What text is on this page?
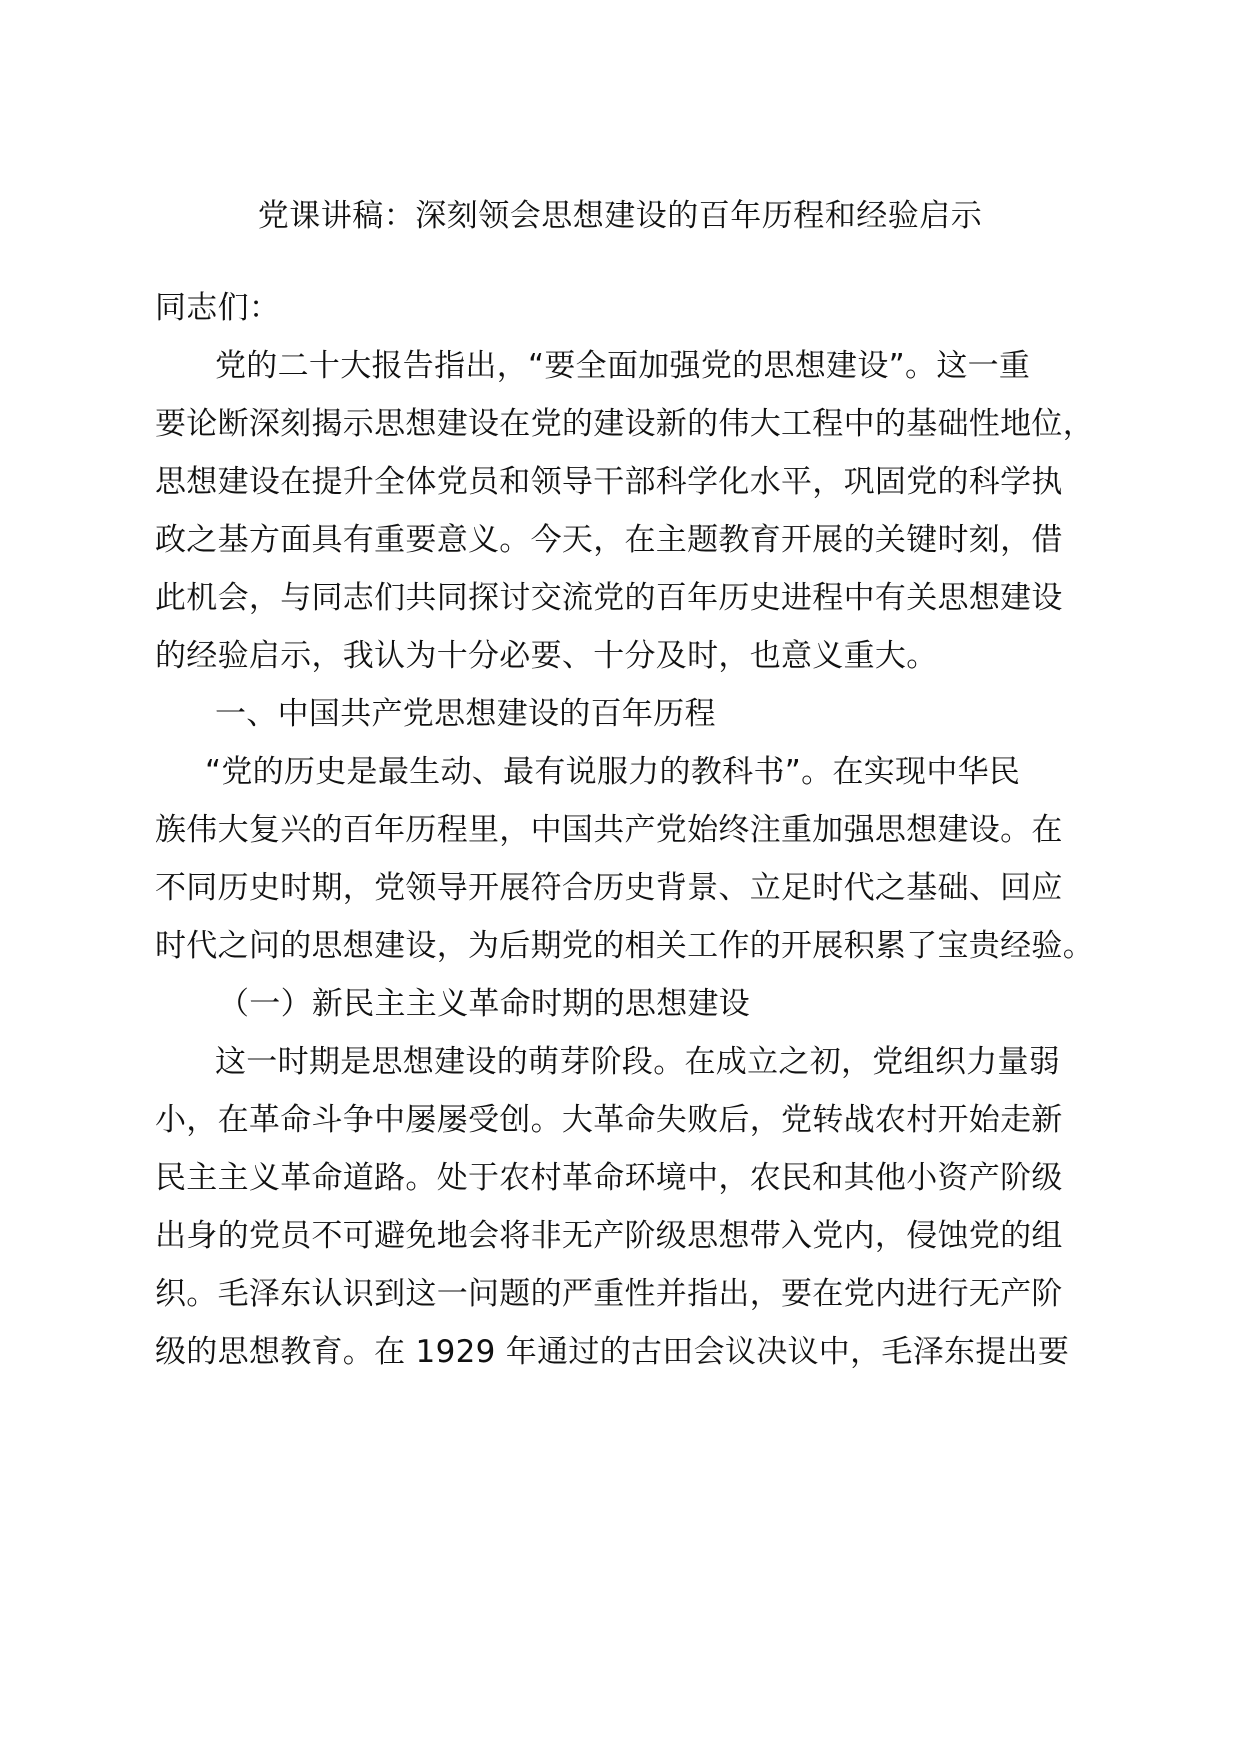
党课讲稿：深刻领会思想建设的百年历程和经验启示
同志们：
党的二十大报告指出，“要全面加强党的思想建设”。这一重
要论断深刻揭示思想建设在党的建设新的伟大工程中的基础性地位，
思想建设在提升全体党员和领导干部科学化水平，巩固党的科学执
政之基方面具有重要意义。今天，在主题教育开展的关键时刻，借
此机会，与同志们共同探讨交流党的百年历史进程中有关思想建设
的经验启示，我认为十分必要、十分及时，也意义重大。
一、中国共产党思想建设的百年历程
“党的历史是最生动、最有说服力的教科书”。在实现中华民
族伟大复兴的百年历程里，中国共产党始终注重加强思想建设。在
不同历史时期，党领导开展符合历史背景、立足时代之基础、回应
时代之问的思想建设，为后期党的相关工作的开展积累了宝贵经验。
（一）新民主主义革命时期的思想建设
这一时期是思想建设的萌芽阶段。在成立之初，党组织力量弱
小，在革命斗争中屡屡受创。大革命失败后，党转战农村开始走新
民主主义革命道路。处于农村革命环境中，农民和其他小资产阶级
出身的党员不可避免地会将非无产阶级思想带入党内，侵蚀党的组
织。毛泽东认识到这一问题的严重性并指出，要在党内进行无产阶
级的思想教育。在 1929 年通过的古田会议决议中，毛泽东提出要
